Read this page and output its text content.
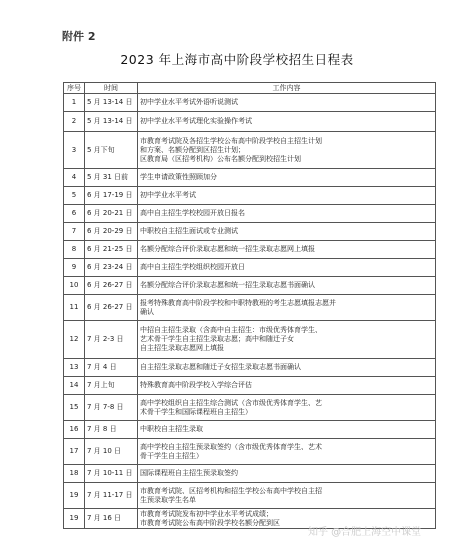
附件 2
2023 年上海市高中阶段学校招生日程表
序号	时间	工作内容
1	5 月 13-14 日	初中学业水平考试外语听说测试

2	5 月 13-14 日	初中学业水平考试理化实验操作考试

3	5 月下旬	市教育考试院及各招生学校公布高中阶段学校自主招生计划
和方案、名额分配到区招生计划；
区教育局（区招考机构）公布名额分配到校招生计划

4	5 月 31 日前	学生申请政策性照顾加分

5	6 月 17-19 日	初中学业水平考试

6	6 月 20-21 日	高中自主招生学校校园开放日报名

7	6 月 20-29 日	中职校自主招生面试或专业测试

8	6 月 21-25 日	名额分配综合评价录取志愿和统一招生录取志愿网上填报

9	6 月 23-24 日	高中自主招生学校组织校园开放日

10	6 月 26-27 日	名额分配综合评价录取志愿和统一招生录取志愿书面确认

11	6 月 26-27 日	报考特殊教育高中阶段学校和中职特教班的考生志愿填报志愿并
确认

12	7 月 2-3 日	中招自主招生录取（含高中自主招生：市级优秀体育学生、
艺术骨干学生自主招生录取志愿；高中和随迁子女
自主招生录取志愿网上填报

13	7 月 4 日	自主招生录取志愿和随迁子女招生录取志愿书面确认

14	7 月上旬	特殊教育高中阶段学校入学综合评估

15	7 月 7-8 日	高中学校组织自主招生综合测试（含市级优秀体育学生、艺
术骨干学生和国际课程班自主招生）

16	7 月 8 日	中职校自主招生录取

17	7 月 10 日	高中学校自主招生预录取签约（含市级优秀体育学生、艺术
骨干学生自主招生）

18	7 月 10-11 日	国际课程班自主招生预录取签约

19	7 月 11-17 日	市教育考试院、区招考机构和招生学校公布高中学校自主招
生预录取学生名单

19	7 月 16 日	市教育考试院发布初中学业水平考试成绩；
市教育考试院公布高中阶段学校名额分配到区
知乎 @合肥上海空中课堂
